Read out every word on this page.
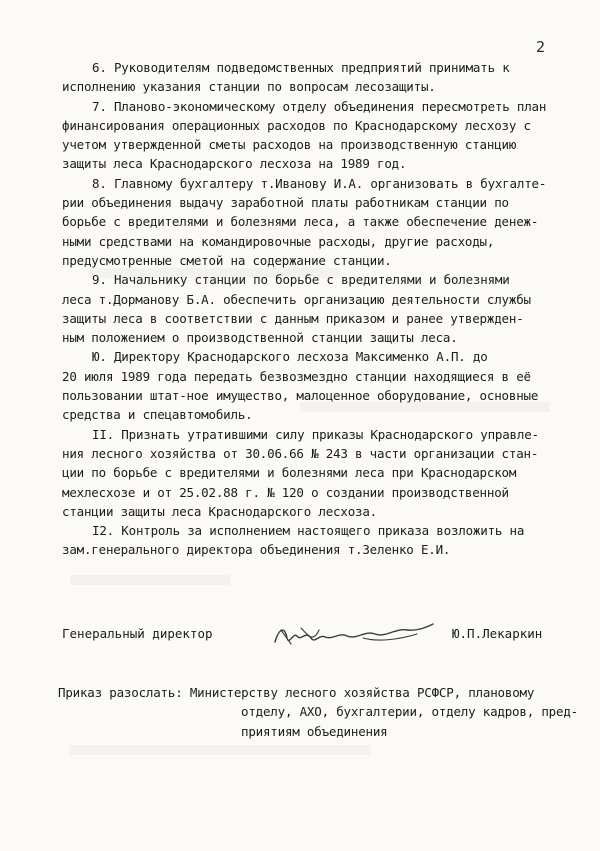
2
6. Руководителям подведомственных предприятий принимать к
исполнению указания станции по вопросам лесозащиты.
7. Планово-экономическому отделу объединения пересмотреть план
финансирования операционных расходов по Краснодарскому лесхозу с
учетом утвержденной сметы расходов на производственную станцию
защиты леса Краснодарского лесхоза на 1989 год.
8. Главному бухгалтеру т.Иванову И.А. организовать в бухгалте-
рии объединения выдачу заработной платы работникам станции по
борьбе с вредителями и болезнями леса, а также обеспечение денеж-
ными средствами на командировочные расходы, другие расходы,
предусмотренные сметой на содержание станции.
9. Начальнику станции по борьбе с вредителями и болезнями
леса т.Дорманову Б.А. обеспечить организацию деятельности службы
защиты леса в соответствии с данным приказом и ранее утвержден-
ным положением о производственной станции защиты леса.
Ю. Директору Краснодарского лесхоза Максименко А.П. до
20 июля 1989 года передать безвозмездно станции находящиеся в её
пользовании штат-ное имущество, малоценное оборудование, основные
средства и спецавтомобиль.
II. Признать утратившими силу приказы Краснодарского управле-
ния лесного хозяйства от 30.06.66 № 243 в части организации стан-
ции по борьбе с вредителями и болезнями леса при Краснодарском
мехлесхозе и от 25.02.88 г. № 120 о создании производственной
станции защиты леса Краснодарского лесхоза.
I2. Контроль за исполнением настоящего приказа возложить на
зам.генерального директора объединения т.Зеленко Е.И.
Генеральный директор	Ю.П.Лекаркин
Приказ разослать: Министерству лесного хозяйства РСФСР, плановому
отделу, АХО, бухгалтерии, отделу кадров, пред-
приятиям объединения
